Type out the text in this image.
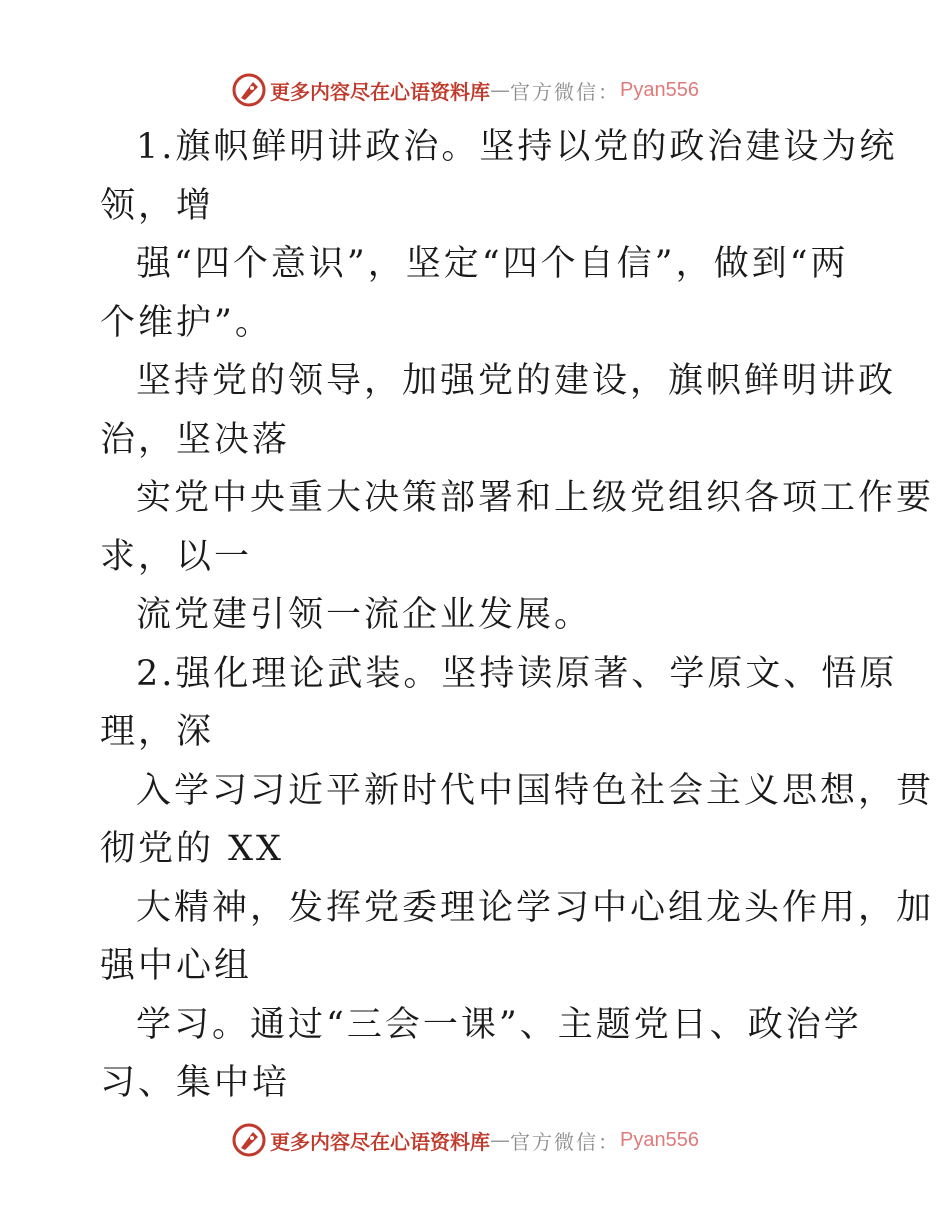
更多内容尽在心语资料库 — 官方微信： Pyan556
1.旗帜鲜明讲政治。坚持以党的政治建设为统
领，增
强“四个意识”，坚定“四个自信”，做到“两
个维护”。
坚持党的领导，加强党的建设，旗帜鲜明讲政
治，坚决落
实党中央重大决策部署和上级党组织各项工作要
求，以一
流党建引领一流企业发展。
2.强化理论武装。坚持读原著、学原文、悟原
理，深
入学习习近平新时代中国特色社会主义思想，贯
彻党的 XX
大精神，发挥党委理论学习中心组龙头作用，加
强中心组
学习。通过“三会一课”、主题党日、政治学
习、集中培
更多内容尽在心语资料库 — 官方微信： Pyan556
